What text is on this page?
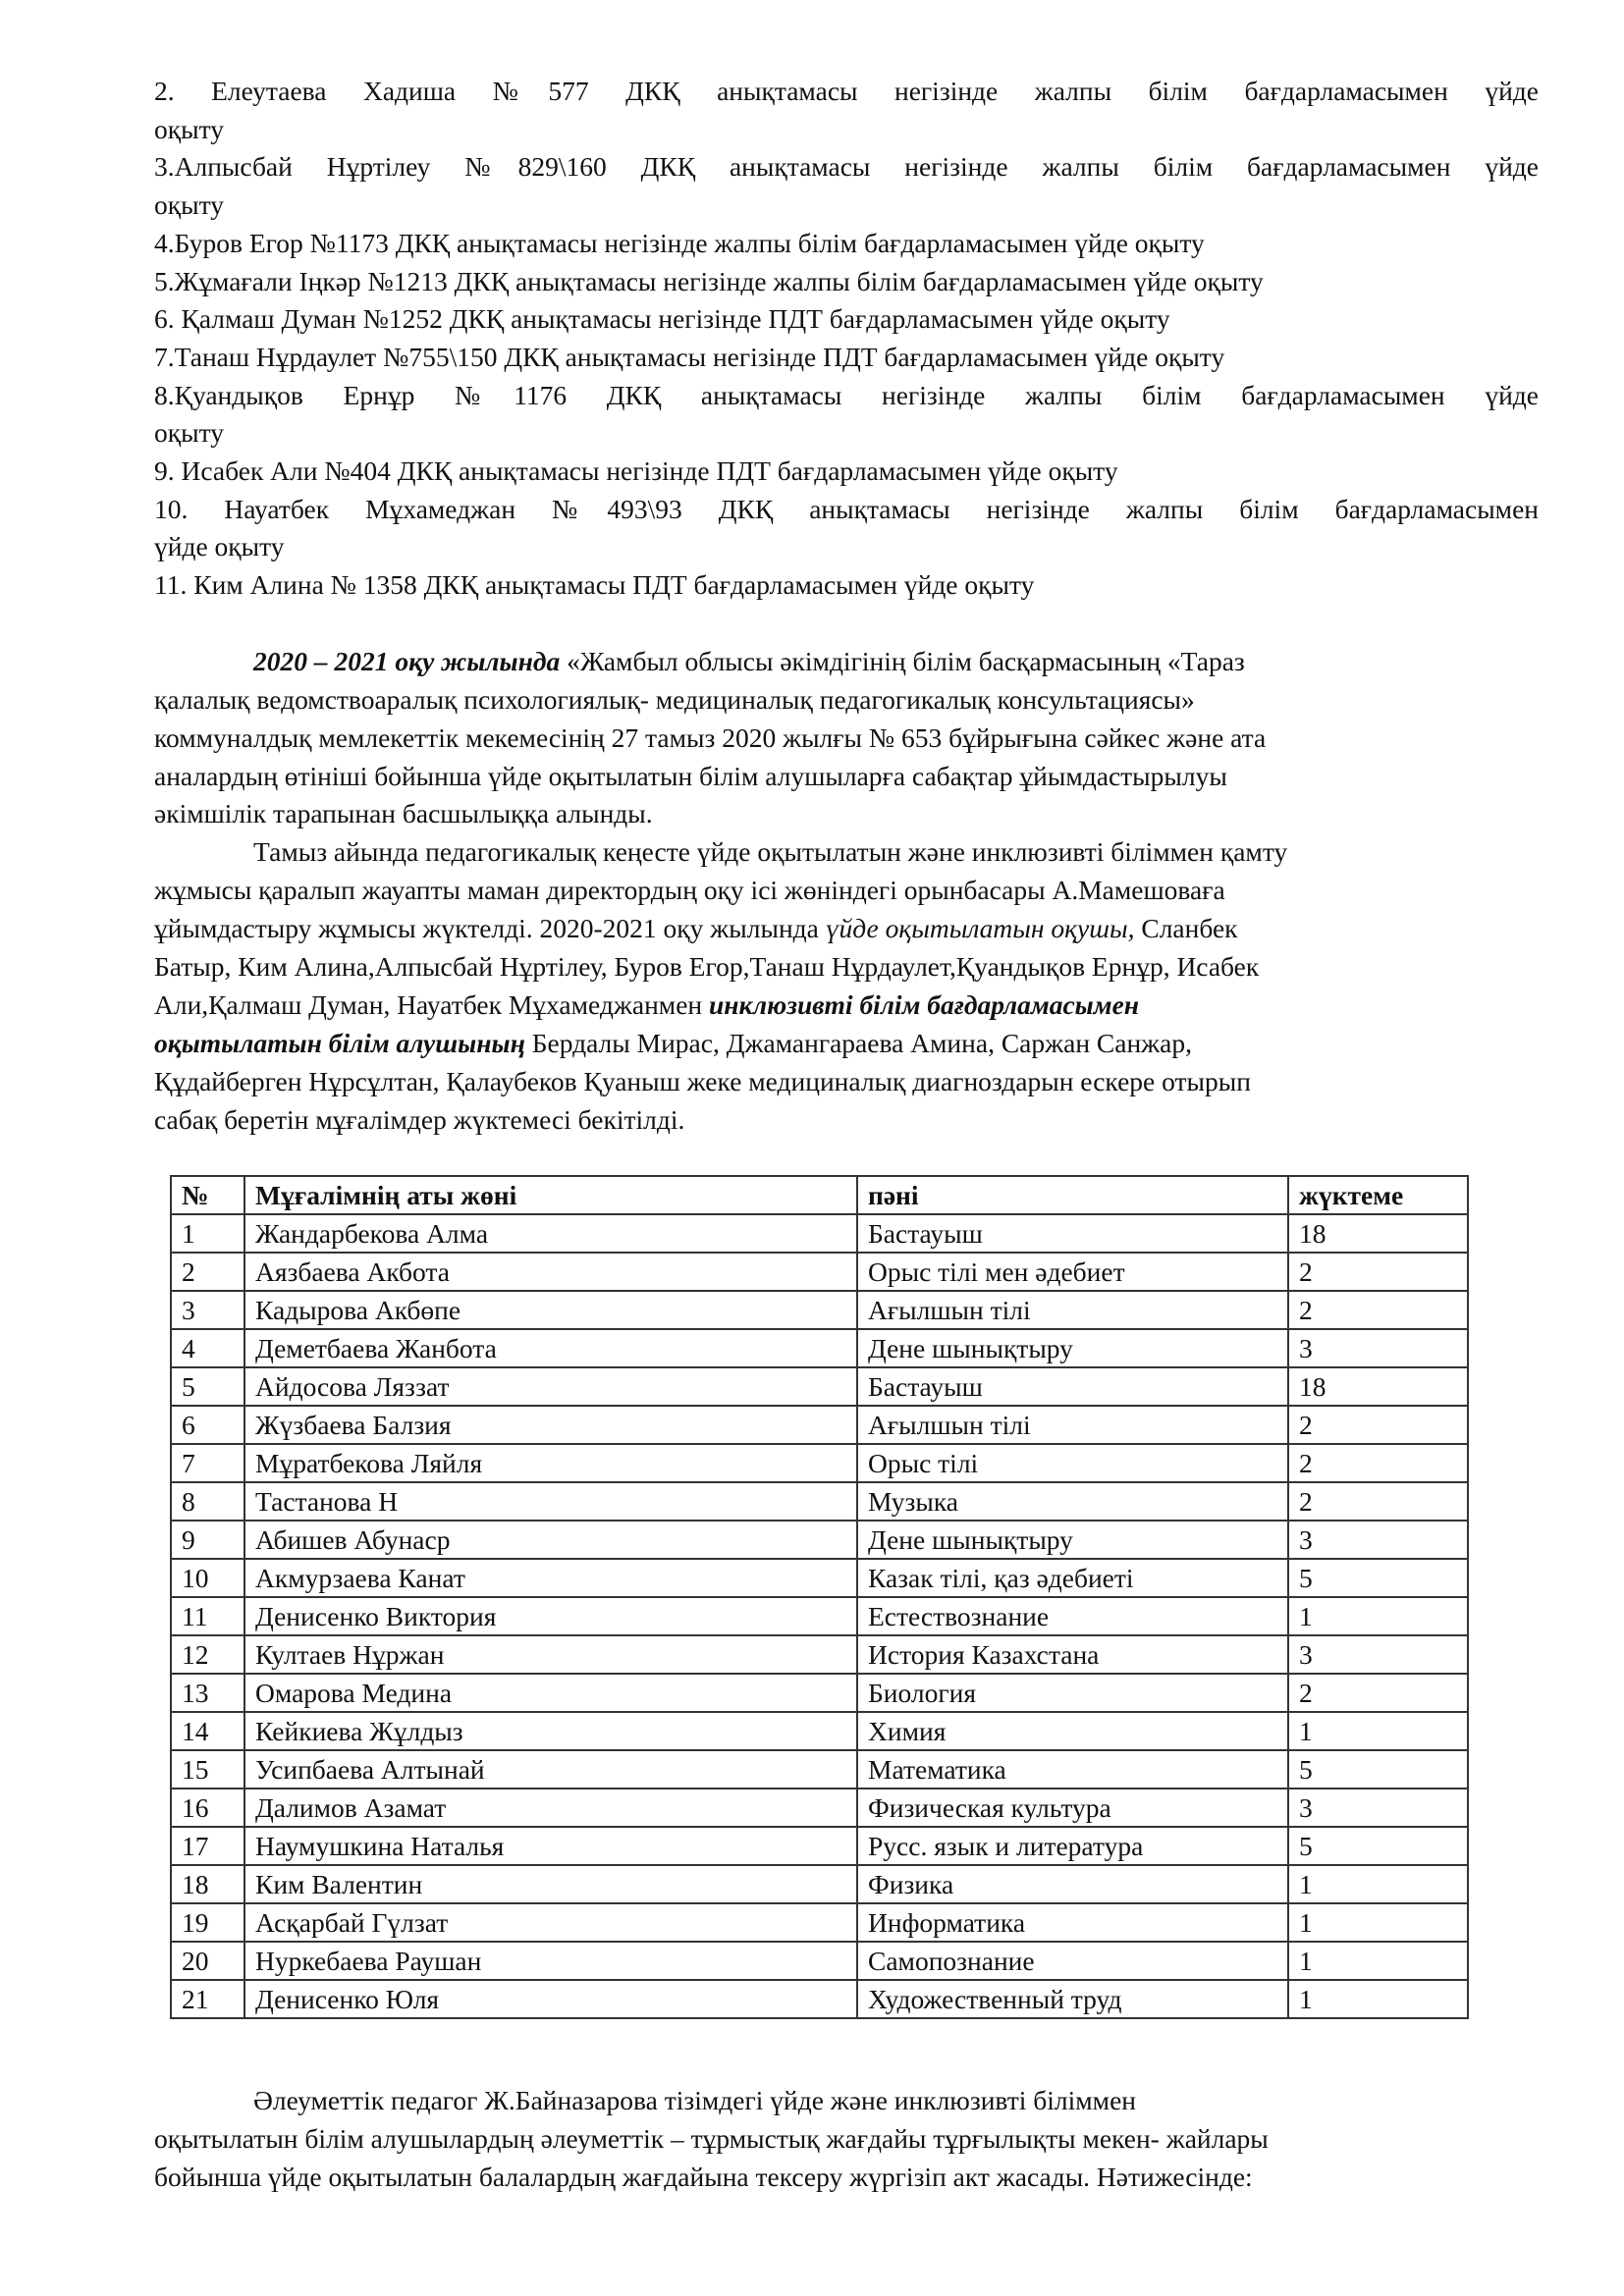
2. Елеутаева Хадиша №577 ДКҚ анықтамасы негізінде жалпы білім бағдарламасымен үйде
оқыту
3.Алпысбай Нұртілеу №829\160 ДКҚ анықтамасы негізінде жалпы білім бағдарламасымен үйде
оқыту
4.Буров Егор №1173 ДКҚ анықтамасы негізінде жалпы білім бағдарламасымен үйде оқыту
5.Жұмағали Іңкәр №1213 ДКҚ анықтамасы негізінде жалпы білім бағдарламасымен үйде оқыту
6. Қалмаш Думан №1252 ДКҚ анықтамасы негізінде ПДТ бағдарламасымен үйде оқыту
7.Танаш Нұрдаулет №755\150 ДКҚ анықтамасы негізінде ПДТ бағдарламасымен үйде оқыту
8.Қуандықов Ернұр №1176 ДКҚ анықтамасы негізінде жалпы білім бағдарламасымен үйде
оқыту
9. Исабек Али №404 ДКҚ анықтамасы негізінде ПДТ бағдарламасымен үйде оқыту
10. Науатбек Мұхамеджан №493\93 ДКҚ анықтамасы негізінде жалпы білім бағдарламасымен
үйде оқыту
11. Ким Алина № 1358 ДКҚ анықтамасы ПДТ бағдарламасымен үйде оқыту
2020 – 2021 оқу жылында «Жамбыл облысы әкімдігінің білім басқармасының «Тараз
қалалық ведомствоаралық психологиялық- медициналық педагогикалық консультациясы»
коммуналдық мемлекеттік мекемесінің 27 тамыз 2020 жылғы № 653 бұйрығына сәйкес және ата
аналардың өтініші бойынша үйде оқытылатын білім алушыларға сабақтар ұйымдастырылуы
әкімшілік тарапынан басшылыққа алынды.
Тамыз айында педагогикалық кеңесте үйде оқытылатын және инклюзивті біліммен қамту
жұмысы қаралып жауапты маман директордың оқу ісі жөніндегі орынбасары А.Мамешоваға
ұйымдастыру жұмысы жүктелді. 2020-2021 оқу жылында үйде оқытылатын оқушы, Сланбек
Батыр, Ким Алина,Алпысбай Нұртілеу, Буров Егор,Танаш Нұрдаулет,Қуандықов Ернұр, Исабек
Али,Қалмаш Думан, Науатбек Мұхамеджанмен инклюзивті білім бағдарламасымен
оқытылатын білім алушының Бердалы Мирас, Джамангараева Амина, Саржан Санжар,
Құдайберген Нұрсұлтан, Қалаубеков Қуаныш жеке медициналық диагноздарын ескере отырып
сабақ беретін мұғалімдер жүктемесі бекітілді.
№	Мұғалімнің аты жөні	пәні	жүктеме
1	Жандарбекова Алма	Бастауыш	18
2	Аязбаева Акбота	Орыс тілі мен әдебиет	2
3	Кадырова Акбөпе	Ағылшын тілі	2
4	Деметбаева Жанбота	Дене шынықтыру	3
5	Айдосова Ляззат	Бастауыш	18
6	Жүзбаева Балзия	Ағылшын тілі	2
7	Мұратбекова Ляйля	Орыс тілі	2
8	Тастанова Н	Музыка	2
9	Абишев Абунаср	Дене шынықтыру	3
10	Акмурзаева Канат	Казак тілі, қаз әдебиеті	5
11	Денисенко Виктория	Естествознание	1
12	Култаев Нұржан	История Казахстана	3
13	Омарова Медина	Биология	2
14	Кейкиева Жұлдыз	Химия	1
15	Усипбаева Алтынай	Математика	5
16	Далимов Азамат	Физическая культура	3
17	Наумушкина Наталья	Русс. язык и литература	5
18	Ким Валентин	Физика	1
19	Асқарбай Гүлзат	Информатика	1
20	Нуркебаева Раушан	Самопознание	1
21	Денисенко Юля	Художественный труд	1
Әлеуметтік педагог Ж.Байназарова тізімдегі үйде және инклюзивті біліммен
оқытылатын білім алушылардың әлеуметтік – тұрмыстық жағдайы тұрғылықты мекен- жайлары
бойынша үйде оқытылатын балалардың жағдайына тексеру жүргізіп акт жасады. Нәтижесінде:
